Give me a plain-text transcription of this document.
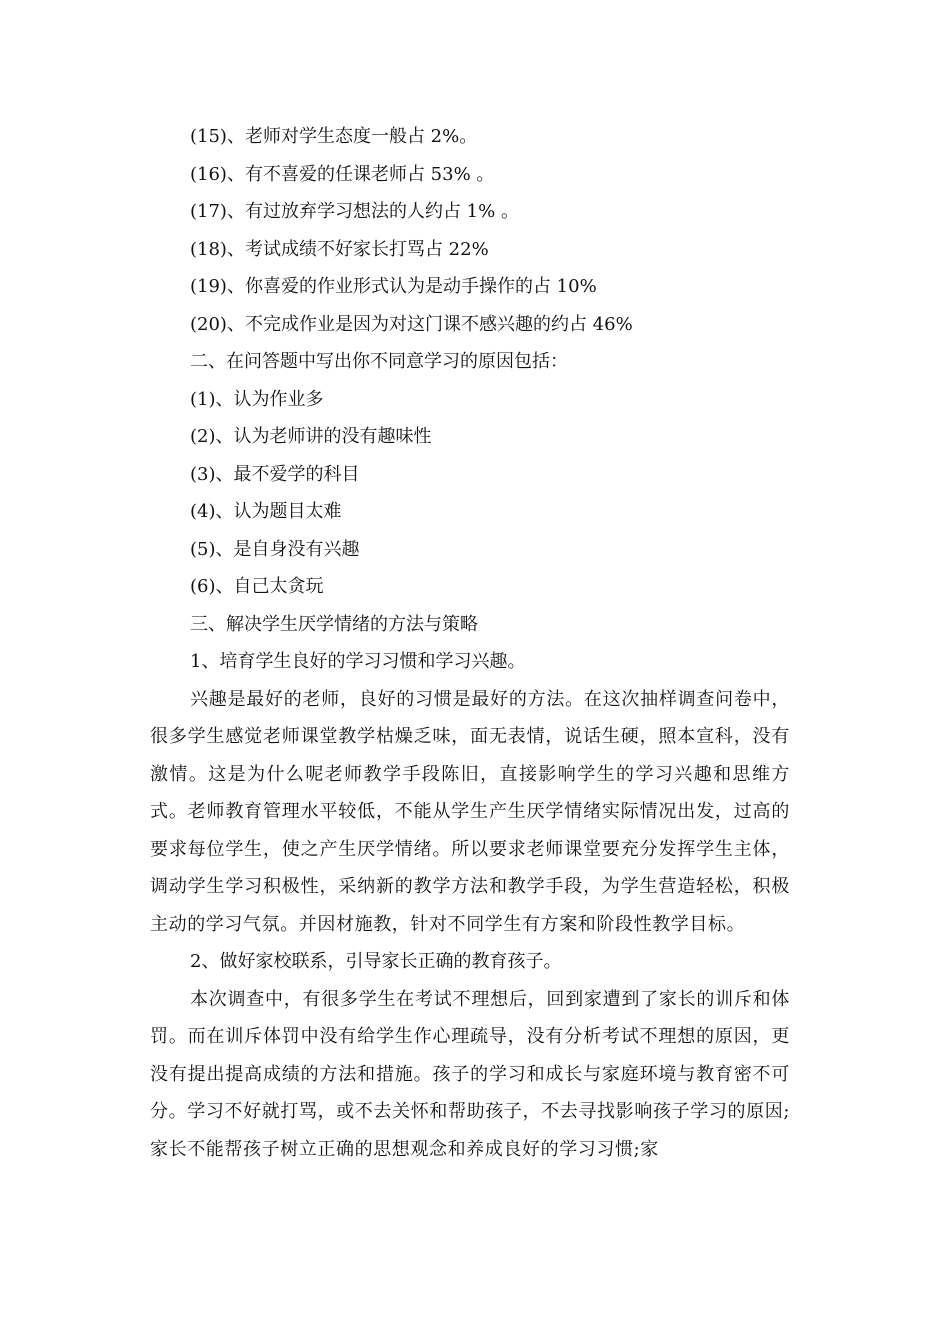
(15)、老师对学生态度一般占 2%。

(16)、有不喜爱的任课老师占 53% 。

(17)、有过放弃学习想法的人约占 1% 。

(18)、考试成绩不好家长打骂占 22%

(19)、你喜爱的作业形式认为是动手操作的占 10%

(20)、不完成作业是因为对这门课不感兴趣的约占 46%

二、在问答题中写出你不同意学习的原因包括：

(1)、认为作业多

(2)、认为老师讲的没有趣味性

(3)、最不爱学的科目

(4)、认为题目太难

(5)、是自身没有兴趣

(6)、自己太贪玩

三、解决学生厌学情绪的方法与策略

1、培育学生良好的学习习惯和学习兴趣。

兴趣是最好的老师，良好的习惯是最好的方法。在这次抽样调查问卷中，很多学生感觉老师课堂教学枯燥乏味，面无表情，说话生硬，照本宣科，没有激情。这是为什么呢老师教学手段陈旧，直接影响学生的学习兴趣和思维方式。老师教育管理水平较低，不能从学生产生厌学情绪实际情况出发，过高的要求每位学生，使之产生厌学情绪。所以要求老师课堂要充分发挥学生主体，调动学生学习积极性，采纳新的教学方法和教学手段，为学生营造轻松，积极主动的学习气氛。并因材施教，针对不同学生有方案和阶段性教学目标。

2、做好家校联系，引导家长正确的教育孩子。

本次调查中，有很多学生在考试不理想后，回到家遭到了家长的训斥和体罚。而在训斥体罚中没有给学生作心理疏导，没有分析考试不理想的原因，更没有提出提高成绩的方法和措施。孩子的学习和成长与家庭环境与教育密不可分。学习不好就打骂，或不去关怀和帮助孩子，不去寻找影响孩子学习的原因;家长不能帮孩子树立正确的思想观念和养成良好的学习习惯;家
